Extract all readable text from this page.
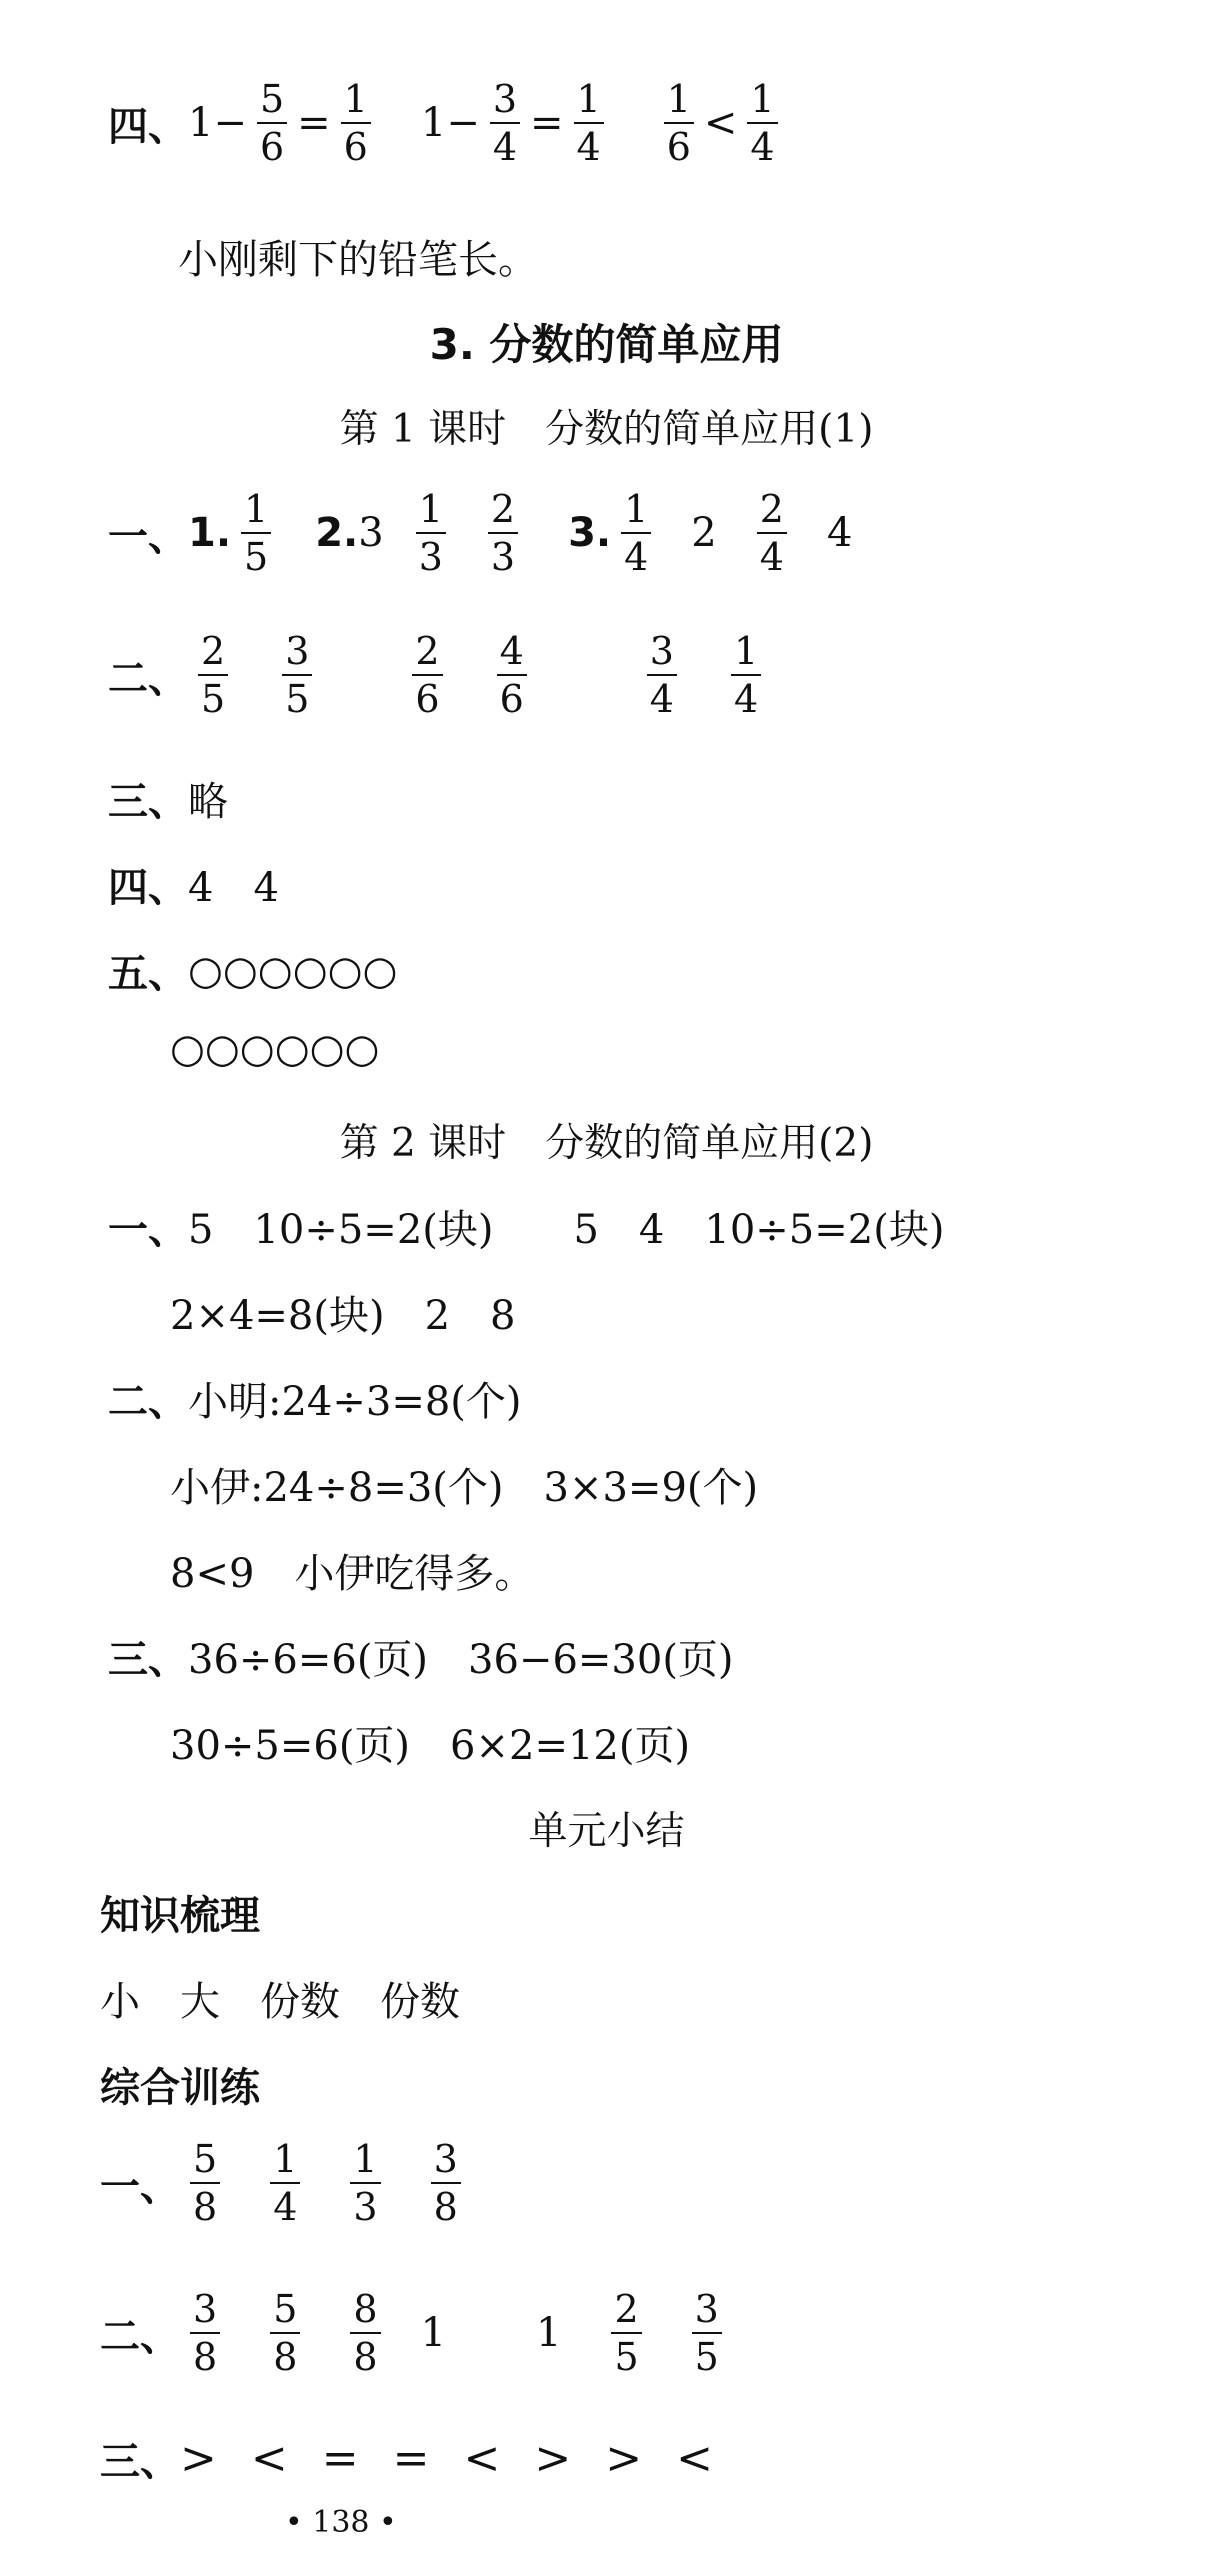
四、 $1 - \frac{5}{6} = \frac{1}{6} 1 - \frac{3}{4} = \frac{1}{4} \frac{1}{6} < \frac{1}{4}$
小刚剩下的铅笔长。
3. 分数的简单应用
第 1 课时　分数的简单应用(1)
一、 1. $\frac{1}{5} 2$. $3 \frac{1}{3} \frac{2}{3} 3$. $\frac{1}{4} 2 \frac{2}{4} 4$
二、 $\frac{2}{5} \frac{3}{5}$	$\frac{2}{6} \frac{4}{6}$	$\frac{3}{4} \frac{1}{4}$
三、 略
四、 4　4
五、 ○○○○○○
○○○○○○
第 2 课时　分数的简单应用(2)
一、 5　10÷5=2(块)　　5　4　10÷5=2(块)
2×4=8(块)　2　8
二、 小明:24÷3=8(个)
小伊:24÷8=3(个)　3×3=9(个)
8<9　小伊吃得多。
三、 36÷6=6(页)　36−6=30(页)
30÷5=6(页)　6×2=12(页)
单元小结
知识梳理
小　大　份数　份数
综合训练
一、 $\frac{5}{8} \frac{1}{4} \frac{1}{3} \frac{3}{8}$
二、 $\frac{3}{8} \frac{5}{8} \frac{8}{8} 1$ $1 \frac{2}{5} \frac{3}{5}$
三、 > < = = < > > <
• 138 •
